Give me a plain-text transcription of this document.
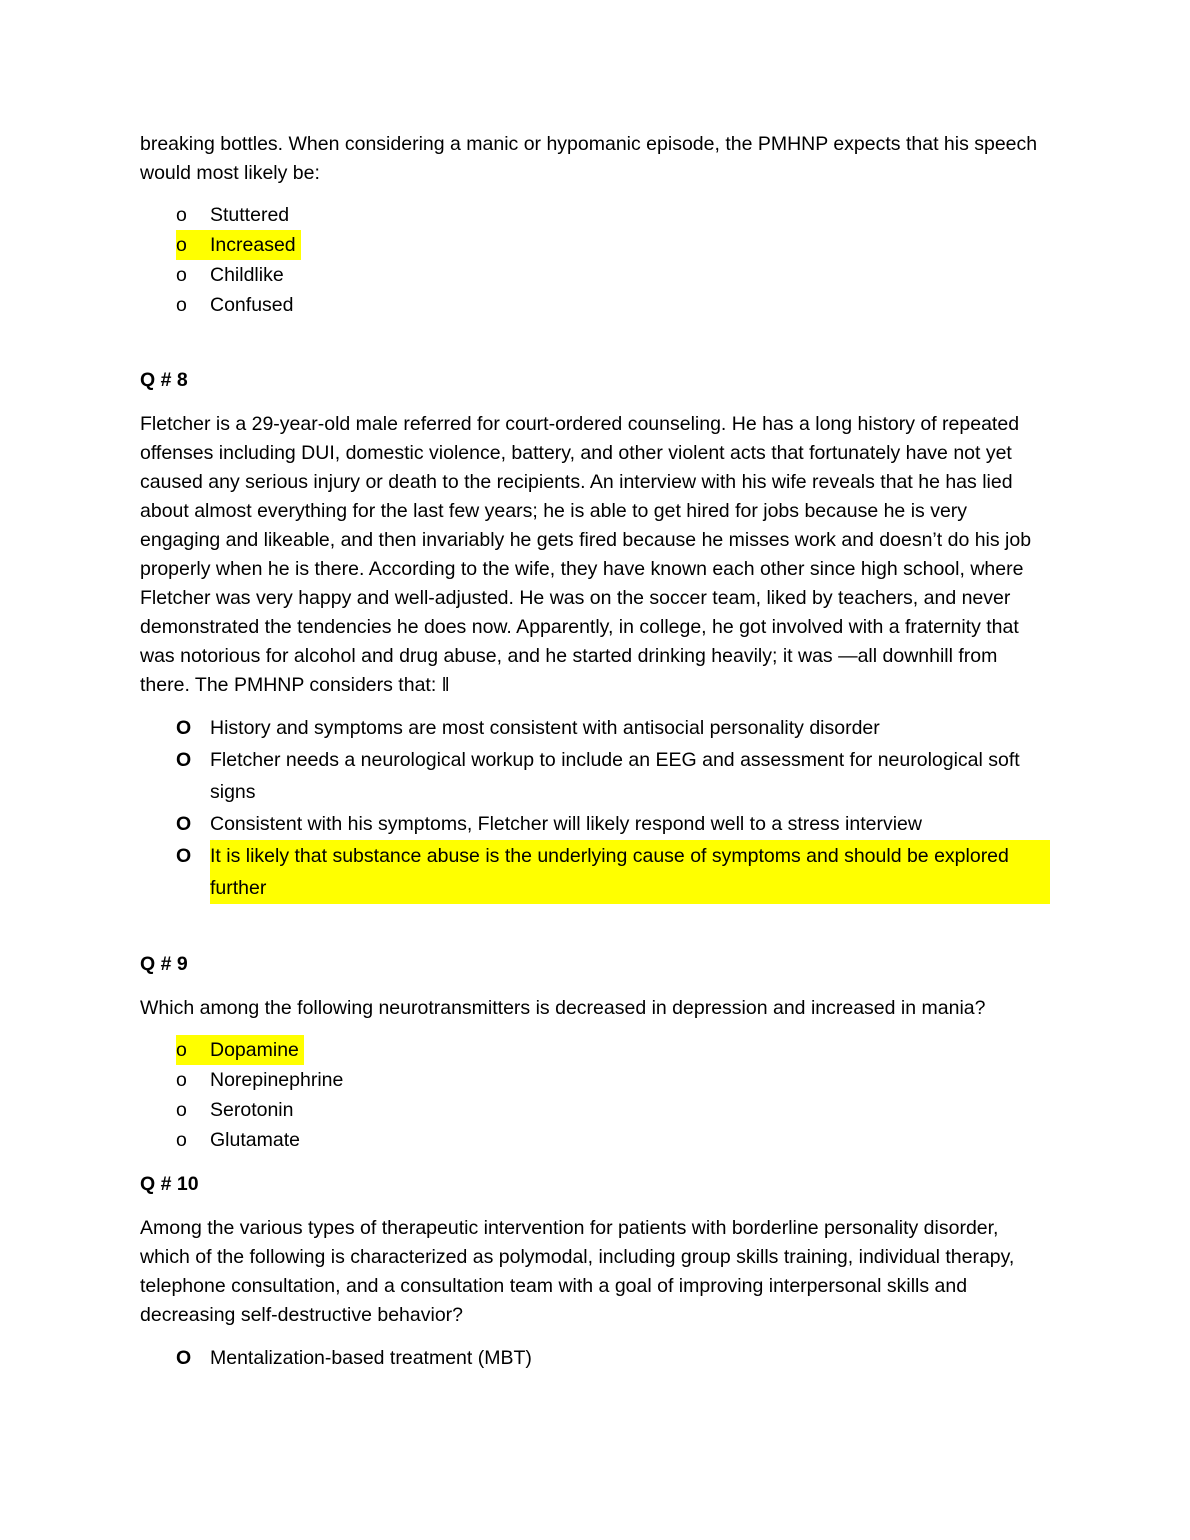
breaking bottles. When considering a manic or hypomanic episode, the PMHNP expects that his speech would most likely be:

o	Stuttered
o	Increased
o	Childlike
o	Confused
Q # 8

Fletcher is a 29-year-old male referred for court-ordered counseling. He has a long history of repeated offenses including DUI, domestic violence, battery, and other violent acts that fortunately have not yet caused any serious injury or death to the recipients. An interview with his wife reveals that he has lied about almost everything for the last few years; he is able to get hired for jobs because he is very engaging and likeable, and then invariably he gets fired because he misses work and doesn’t do his job properly when he is there. According to the wife, they have known each other since high school, where Fletcher was very happy and well-adjusted. He was on the soccer team, liked by teachers, and never demonstrated the tendencies he does now. Apparently, in college, he got involved with a fraternity that was notorious for alcohol and drug abuse, and he started drinking heavily; it was —all downhill from there. The PMHNP considers that: ‖

O History and symptoms are most consistent with antisocial personality disorder
O Fletcher needs a neurological workup to include an EEG and assessment for neurological soft signs
O Consistent with his symptoms, Fletcher will likely respond well to a stress interview
O It is likely that substance abuse is the underlying cause of symptoms and should be explored further
Q # 9

Which among the following neurotransmitters is decreased in depression and increased in mania?

o	Dopamine
o	Norepinephrine
o	Serotonin
o	Glutamate
Q # 10

Among the various types of therapeutic intervention for patients with borderline personality disorder, which of the following is characterized as polymodal, including group skills training, individual therapy, telephone consultation, and a consultation team with a goal of improving interpersonal skills and decreasing self-destructive behavior?

O Mentalization-based treatment (MBT)
